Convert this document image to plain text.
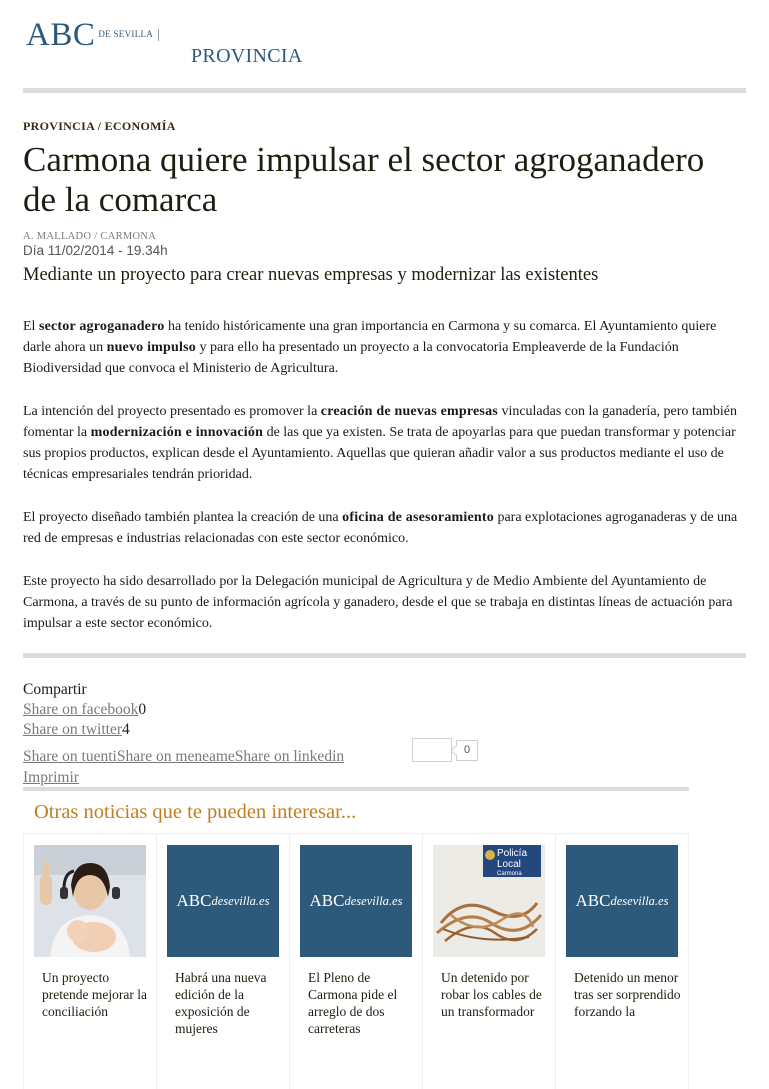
ABC DE SEVILLA
PROVINCIA
PROVINCIA / ECONOMÍA
Carmona quiere impulsar el sector agroganadero de la comarca
A. MALLADO / CARMONA
Día 11/02/2014 - 19.34h
Mediante un proyecto para crear nuevas empresas y modernizar las existentes

El sector agroganadero ha tenido históricamente una gran importancia en Carmona y su comarca. El Ayuntamiento quiere darle ahora un nuevo impulso y para ello ha presentado un proyecto a la convocatoria Empleaverde de la Fundación Biodiversidad que convoca el Ministerio de Agricultura.

La intención del proyecto presentado es promover la creación de nuevas empresas vinculadas con la ganadería, pero también fomentar la modernización e innovación de las que ya existen. Se trata de apoyarlas para que puedan transformar y potenciar sus propios productos, explican desde el Ayuntamiento. Aquellas que quieran añadir valor a sus productos mediante el uso de técnicas empresariales tendrán prioridad.

El proyecto diseñado también plantea la creación de una oficina de asesoramiento para explotaciones agroganaderas y de una red de empresas e industrias relacionadas con este sector económico.

Este proyecto ha sido desarrollado por la Delegación municipal de Agricultura y de Medio Ambiente del Ayuntamiento de Carmona, a través de su punto de información agrícola y ganadero, desde el que se trabaja en distintas líneas de actuación para impulsar a este sector económico.

Compartir
Share on facebook0
Share on twitter4
Share on tuentiShare on meneameShare on linkedin	0
Imprimir
Otras noticias que te pueden interesar...
Un proyecto pretende mejorar la conciliación
ABC desevilla.es
Habrá una nueva edición de la exposición de mujeres
ABC desevilla.es
El Pleno de Carmona pide el arreglo de dos carreteras
Policía
Local
Carmona
Un detenido por robar los cables de un transformador
ABC desevilla.es
Detenido un menor tras ser sorprendido forzando la
